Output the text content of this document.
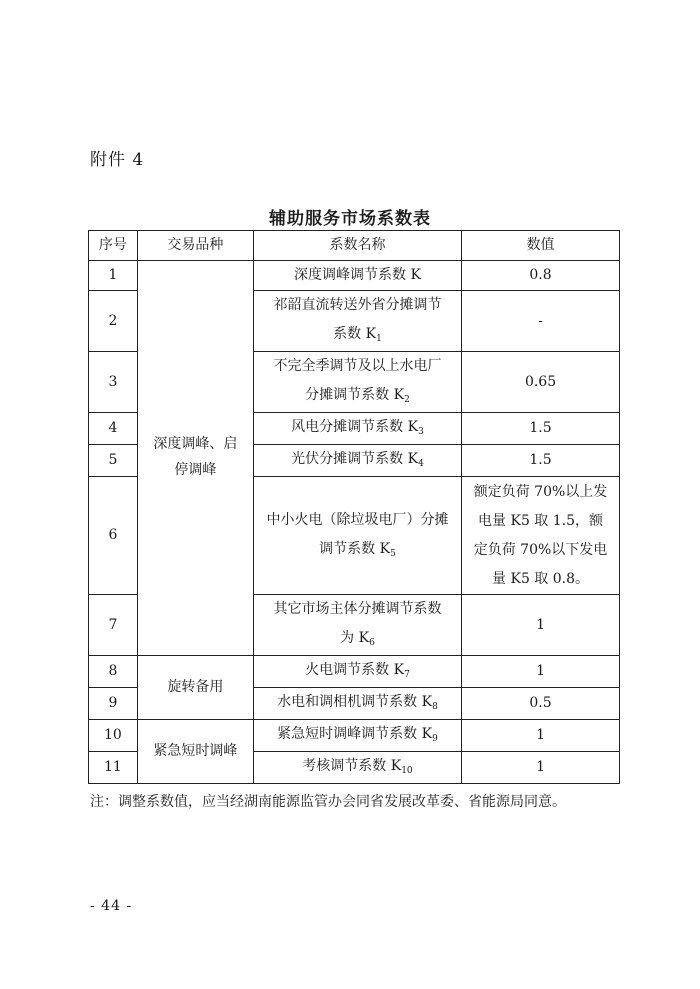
附件 4
辅助服务市场系数表
序号	交易品种	系数名称	数值
1	深度调峰、启停调峰	深度调峰调节系数 K	0.8
2		祁韶直流转送外省分摊调节系数 $K_1$	-
3		不完全季调节及以上水电厂分摊调节系数 $K_2$	0.65
4		风电分摊调节系数 $K_3$	1.5
5		光伏分摊调节系数 $K_4$	1.5
6		中小火电（除垃圾电厂）分摊调节系数 $K_5$	额定负荷 70%以上发电量 K5 取 1.5，额定负荷 70%以下发电量 K5 取 0.8。
7		其它市场主体分摊调节系数为 $K_6$	1
8	旋转备用	火电调节系数 $K_7$	1
9		水电和调相机调节系数 $K_8$	0.5
10	紧急短时调峰	紧急短时调峰调节系数 $K_9$	1
11		考核调节系数 $K_{10}$	1
注：调整系数值，应当经湖南能源监管办会同省发展改革委、省能源局同意。
- 44 -
